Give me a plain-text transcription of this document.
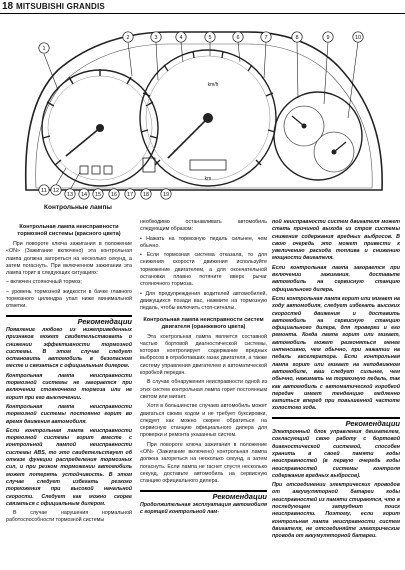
18 MITSUBISHI GRANDIS
km/h
km
1
2	3	4	5	6	7	8	9	10
11 12
13 14 15 16 17 18	19
Контрольные лампы
Контрольная лампа неисправности тормозной системы (красного цвета)

При повороте ключа зажигания в положение «ON» (Зажигание включено) эта контрольная лампа должна загореться на несколько секунд, а затем погаснуть. При включенном зажигании эта лампа горит в следующих ситуациях:

– включен стояночный тормоз;

– уровень тормозной жидкости в бачке главного тормозного цилиндра упал ниже минимальной отметки.

Рекомендации

Появление любого из нижеприведенных признаков может свидетельствовать о снижении эффективности тормозной системы. В этом случае следует остановить автомобиль в безопасном месте и связаться с официальным дилером.

Контрольная лампа неисправности тормозной системы не загорается при включении стояночного тормоза или не горит при его выключении.

Контрольная лампа неисправности тормозной системы постоянно горит во время движения автомобиля.

Если контрольная лампа неисправности тормозной системы горит вместе с контрольной лампой неисправности системы ABS, то это свидетельствует об отказе функции распределения тормозных сил, и при резком торможении автомобиль может потерять устойчивость. В этом случае следует избегать резкого торможения при высокой начальной скорости. Следует как можно скорее связаться с официальным дилером.

В случае нарушения нормальной работоспособности тормозной системы

необходимо останавливать автомобиль следующим образом:

• Нажать на тормозную педаль сильнее, чем обычно.

• Если тормозная система отказала, то для снижения скорости движения используйте торможение двигателем, а для окончательной остановки плавно потяните вверх рычаг стояночного тормоза.

• Для предупреждения водителей автомобилей, движущихся позади вас, нажмите на тормозную педаль, чтобы включить стоп-сигналы.

Контрольная лампа неисправности систем двигателя (оранжевого цвета)

Эта контрольная лампа является составной частью бортовой диагностической системы, которая контролирует содержание вредных выбросов в отработавших газах двигателя, а также систему управления двигателем и автоматической коробкой передач.

В случае обнаружения неисправности одной из этих систем контрольная лампа горит постоянным светом или мигает.

Хотя в большинстве случаев автомобиль может двигаться своим ходом и не требует буксировки, следует как можно скорее обратиться на сервисную станцию официального дилера для проверки и ремонта указанных систем.

При повороте ключа зажигания в положение «ON» (Зажигание включено) контрольная лампа должна загореться на несколько секунд, а затем погаснуть. Если лампа не гаснет спустя несколько секунд, доставьте автомобиль на сервисную станцию официального дилера.

Рекомендации

Продолжительная эксплуатация автомобиля с горящей контрольной лам-

пой неисправности систем двигателя может стать причиной выхода из строя системы снижения содержания вредных выбросов. В свою очередь это может привести к увеличению расхода топлива и снижению мощности двигателя.

Если контрольная лампа загорается при включении зажигания, доставьте автомобиль на сервисную станцию официального дилера.

Если контрольная лампа горит или мигает на ходу автомобиля, следует избегать высоких скоростей движения и доставить автомобиль на сервисную станцию официального дилера, для проверки и его ремонта. Когда лампа горит или мигает, автомобиль может разгоняться менее интенсивно, чем обычно, при нажатии на педаль акселератора. Если контрольная лампа горит или мигает на неподвижном автомобиле, ваш следует сильнее, чем обычно, нажимать на тормозную педаль, так как автомобиль с автоматической коробкой передач имеет тенденцию медленно катиться вперед при повышенной частоте холостого хода.

Рекомендации

Электронный блок управления двигателем, согласующий свою работу с бортовой диагностической системой, способен хранить в своей памяти коды неисправностей (в первую очередь коды неисправностей системы контроля содержания вредных выбросов).

При отсоединении электрических проводов от аккумуляторной батареи коды неисправностей из памяти стираются, что в последующем затруднит поиск неисправности. Поэтому, если горит контрольная лампа неисправности систем двигателя, не отсоединяйте электрические провода от аккумуляторной батареи.
